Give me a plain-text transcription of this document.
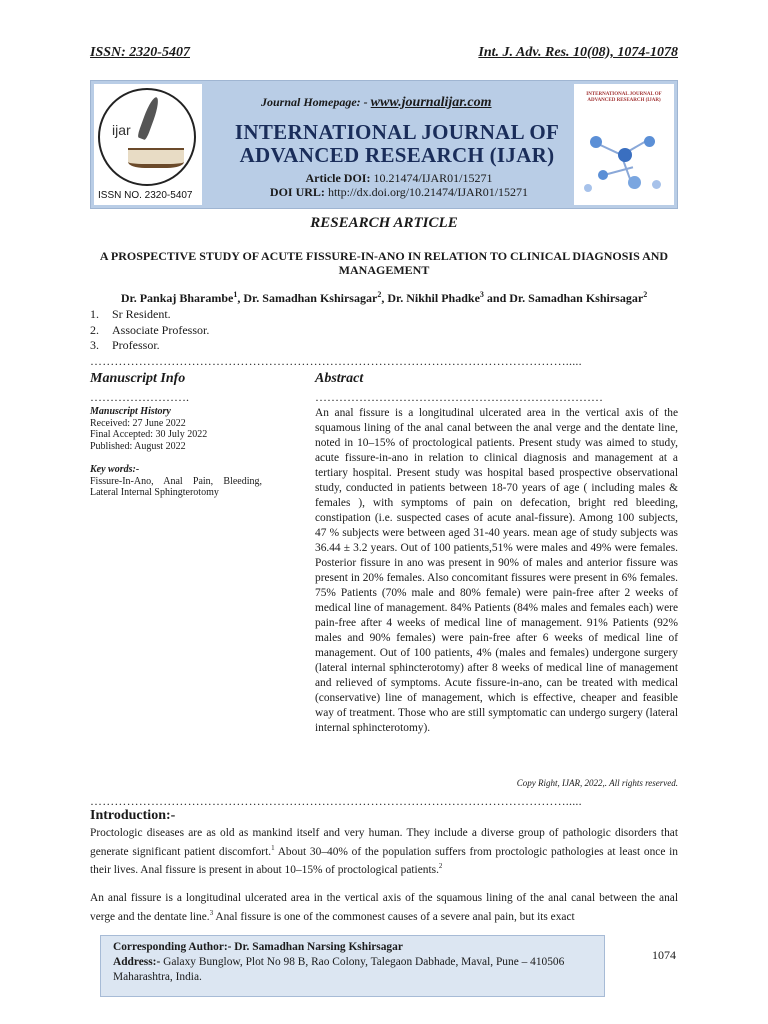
ISSN: 2320-5407	Int. J. Adv. Res. 10(08), 1074-1078
ijar
ISSN NO. 2320-5407
Journal Homepage: - www.journalijar.com
INTERNATIONAL JOURNAL OF
ADVANCED RESEARCH (IJAR)
Article DOI: 10.21474/IJAR01/15271
DOI URL: http://dx.doi.org/10.21474/IJAR01/15271
INTERNATIONAL JOURNAL OF ADVANCED RESEARCH (IJAR)
RESEARCH ARTICLE
A PROSPECTIVE STUDY OF ACUTE FISSURE-IN-ANO IN RELATION TO CLINICAL DIAGNOSIS AND MANAGEMENT
Dr. Pankaj Bharambe$^1$, Dr. Samadhan Kshirsagar$^2$, Dr. Nikhil Phadke$^3$ and Dr. Samadhan Kshirsagar$^2$
1.	Sr Resident.
2.	Associate Professor.
3.	Professor.
……………………………………………………………………………………………………….....
Manuscript Info	Abstract
…………………….	………………………………………………………………
Manuscript History
Received: 27 June 2022
Final Accepted: 30 July 2022
Published: August 2022
Key words:-
Fissure-In-Ano, Anal Pain, Bleeding, Lateral Internal Sphingterotomy
An anal fissure is a longitudinal ulcerated area in the vertical axis of the squamous lining of the anal canal between the anal verge and the dentate line, noted in 10–15% of proctological patients. Present study was aimed to study, acute fissure-in-ano in relation to clinical diagnosis and management at a tertiary hospital. Present study was hospital based prospective observational study, conducted in patients between 18-70 years of age ( including males & females ), with symptoms of pain on defecation, bright red bleeding, constipation (i.e. suspected cases of acute anal-fissure). Among 100 subjects, 47 % subjects were between aged 31-40 years. mean age of study subjects was 36.44 ± 3.2 years. Out of 100 patients,51% were males and 49% were females. Posterior fissure in ano was present in 90% of males and anterior fissure was present in 20% females. Also concomitant fissures were present in 6% females. 75% Patients (70% male and 80% female) were pain-free after 2 weeks of medical line of management. 84% Patients (84% males and females each) were pain-free after 4 weeks of medical line of management. 91% Patients (92% males and 90% females) were pain-free after 6 weeks of medical line of management. Out of 100 patients, 4% (males and females) undergone surgery (lateral internal sphincterotomy) after 8 weeks of medical line of management and relieved of symptoms. Acute fissure-in-ano, can be treated with medical (conservative) line of management, which is effective, cheaper and feasible way of treatment. Those who are still symptomatic can undergo surgery (lateral internal sphincterotomy).
Copy Right, IJAR, 2022,. All rights reserved.
……………………………………………………………………………………………………….....
Introduction:-

Proctologic diseases are as old as mankind itself and very human. They include a diverse group of pathologic disorders that generate significant patient discomfort.$^1$ About 30–40% of the population suffers from proctologic pathologies at least once in their lives. Anal fissure is present in about 10–15% of proctological patients.$^2$

An anal fissure is a longitudinal ulcerated area in the vertical axis of the squamous lining of the anal canal between the anal verge and the dentate line.$^3$ Anal fissure is one of the commonest causes of a severe anal pain, but its exact

Corresponding Author:- Dr. Samadhan Narsing Kshirsagar
Address:- Galaxy Bunglow, Plot No 98 B, Rao Colony, Talegaon Dabhade, Maval, Pune – 410506 Maharashtra, India.
1074
